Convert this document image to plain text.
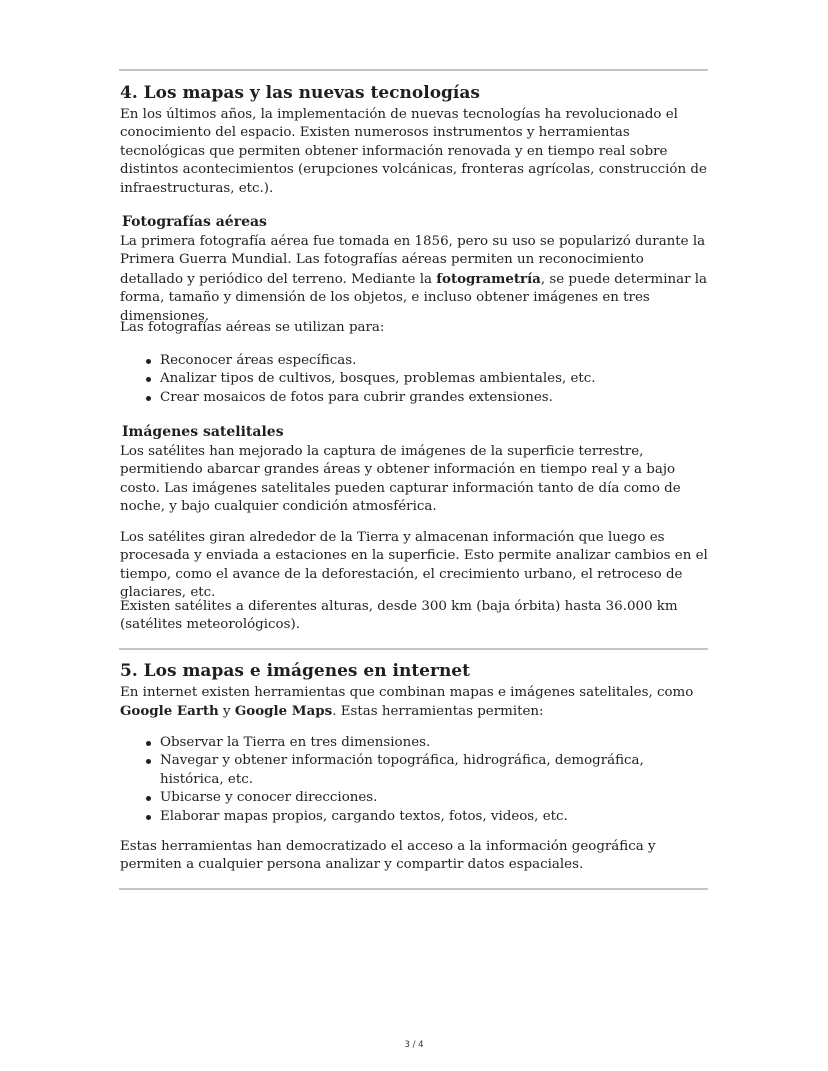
4. Los mapas y las nuevas tecnologías

En los últimos años, la implementación de nuevas tecnologías ha revolucionado el conocimiento del espacio. Existen numerosos instrumentos y herramientas tecnológicas que permiten obtener información renovada y en tiempo real sobre distintos acontecimientos (erupciones volcánicas, fronteras agrícolas, construcción de infraestructuras, etc.).

Fotografías aéreas

La primera fotografía aérea fue tomada en 1856, pero su uso se popularizó durante la Primera Guerra Mundial. Las fotografías aéreas permiten un reconocimiento detallado y periódico del terreno. Mediante la fotogrametría, se puede determinar la forma, tamaño y dimensión de los objetos, e incluso obtener imágenes en tres dimensiones.

Las fotografías aéreas se utilizan para:

Reconocer áreas específicas.
Analizar tipos de cultivos, bosques, problemas ambientales, etc.
Crear mosaicos de fotos para cubrir grandes extensiones.
Imágenes satelitales

Los satélites han mejorado la captura de imágenes de la superficie terrestre, permitiendo abarcar grandes áreas y obtener información en tiempo real y a bajo costo. Las imágenes satelitales pueden capturar información tanto de día como de noche, y bajo cualquier condición atmosférica.

Los satélites giran alrededor de la Tierra y almacenan información que luego es procesada y enviada a estaciones en la superficie. Esto permite analizar cambios en el tiempo, como el avance de la deforestación, el crecimiento urbano, el retroceso de glaciares, etc.

Existen satélites a diferentes alturas, desde 300 km (baja órbita) hasta 36.000 km (satélites meteorológicos).

5. Los mapas e imágenes en internet

En internet existen herramientas que combinan mapas e imágenes satelitales, como Google Earth y Google Maps. Estas herramientas permiten:

Observar la Tierra en tres dimensiones.
Navegar y obtener información topográfica, hidrográfica, demográfica, histórica, etc.
Ubicarse y conocer direcciones.
Elaborar mapas propios, cargando textos, fotos, videos, etc.

Estas herramientas han democratizado el acceso a la información geográfica y permiten a cualquier persona analizar y compartir datos espaciales.

3 / 4
